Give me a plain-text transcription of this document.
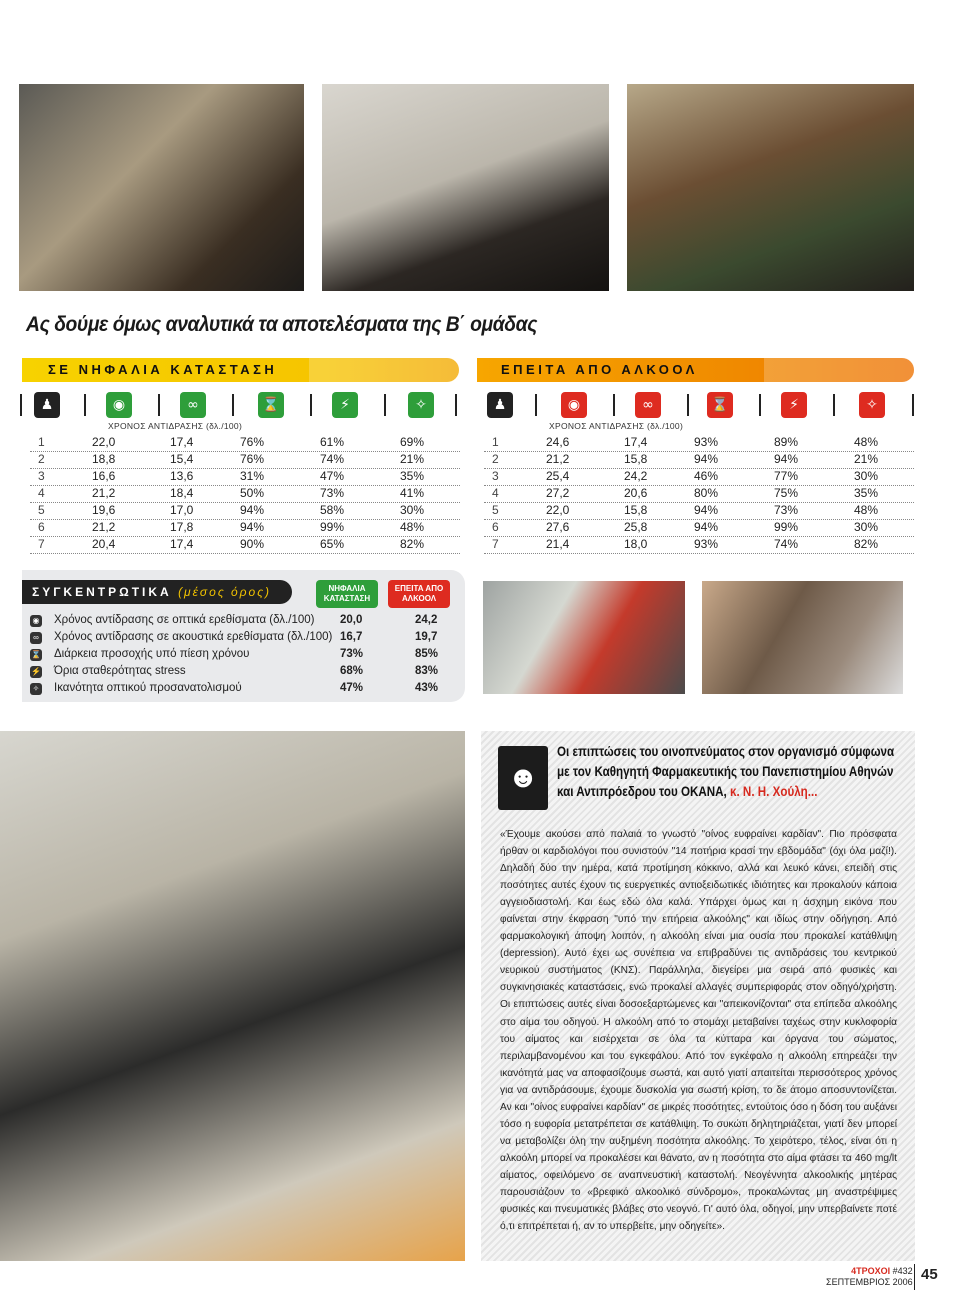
Ας δούμε όμως αναλυτικά τα αποτελέσματα της Β΄ ομάδας
ΣΕ ΝΗΦΑΛΙΑ ΚΑΤΑΣΤΑΣΗ	ΕΠΕΙΤΑ ΑΠΟ ΑΛΚΟΟΛ
♟	◉	∞	⌛	⚡	✧	♟	◉	∞	⌛	⚡	✧
ΧΡΟΝΟΣ ΑΝΤΙΔΡΑΣΗΣ (δλ./100)	ΧΡΟΝΟΣ ΑΝΤΙΔΡΑΣΗΣ (δλ./100)
1	22,0	17,4	76%	61%	69%
2	18,8	15,4	76%	74%	21%
3	16,6	13,6	31%	47%	35%
4	21,2	18,4	50%	73%	41%
5	19,6	17,0	94%	58%	30%
6	21,2	17,8	94%	99%	48%
7	20,4	17,4	90%	65%	82%
1	24,6	17,4	93%	89%	48%
2	21,2	15,8	94%	94%	21%
3	25,4	24,2	46%	77%	30%
4	27,2	20,6	80%	75%	35%
5	22,0	15,8	94%	73%	48%
6	27,6	25,8	94%	99%	30%
7	21,4	18,0	93%	74%	82%
ΣΥΓΚΕΝΤΡΩΤΙΚΑ (μέσος όρος)	ΝΗΦΑΛΙΑ ΚΑΤΑΣΤΑΣΗ
ΕΠΕΙΤΑ ΑΠΟ ΑΛΚΟΟΛ
◉ Χρόνος αντίδρασης σε οπτικά ερεθίσματα (δλ./100) 20,0	24,2
∞ Χρόνος αντίδρασης σε ακουστικά ερεθίσματα (δλ./100) 16,7	19,7
⌛ Διάρκεια προσοχής υπό πίεση χρόνου	73%	85%
⚡ Όρια σταθερότητας stress	68%	83%
✧ Ικανότητα οπτικού προσανατολισμού	47%	43%
☻
Οι επιπτώσεις του οινοπνεύματος στον οργανισμό σύμφωνα με τον Καθηγητή Φαρμακευτικής του Πανεπιστημίου Αθηνών και Αντιπρόεδρου του ΟΚΑΝΑ, κ. Ν. Η. Χούλη...
«Έχουμε ακούσει από παλαιά το γνωστό "οίνος ευφραίνει καρδίαν". Πιο πρόσφατα ήρθαν οι καρδιολόγοι που συνιστούν "14 ποτήρια κρασί την εβδομάδα" (όχι όλα μαζί!). Δηλαδή δύο την ημέρα, κατά προτίμηση κόκκινο, αλλά και λευκό κάνει, επειδή στις ποσότητες αυτές έχουν τις ευεργετικές αντιοξειδωτικές ιδιότητες και προκαλούν κάποια αγγειοδιαστολή. Και έως εδώ όλα καλά. Υπάρχει όμως και η άσχημη εικόνα που φαίνεται στην έκφραση "υπό την επήρεια αλκοόλης" και ιδίως στην οδήγηση. Από φαρμακολογική άποψη λοιπόν, η αλκοόλη είναι μια ουσία που προκαλεί κατάθλιψη (depression). Αυτό έχει ως συνέπεια να επιβραδύνει τις αντιδράσεις του κεντρικού νευρικού συστήματος (ΚΝΣ). Παράλληλα, διεγείρει μια σειρά από φυσικές και συγκινησιακές καταστάσεις, ενώ προκαλεί αλλαγές συμπεριφοράς στον οδηγό/χρήστη. Οι επιπτώσεις αυτές είναι δοσοεξαρτώμενες και "απεικονίζονται" στα επίπεδα αλκοόλης στο αίμα του οδηγού. Η αλκοόλη από το στομάχι μεταβαίνει ταχέως στην κυκλοφορία του αίματος και εισέρχεται σε όλα τα κύτταρα και όργανα του σώματος, περιλαμβανομένου και του εγκεφάλου. Από τον εγκέφαλο η αλκοόλη επηρεάζει την ικανότητά μας να αποφασίζουμε σωστά, και αυτό γιατί απαιτείται περισσότερος χρόνος για να αντιδράσουμε, έχουμε δυσκολία για σωστή κρίση, το δε άτομο αποσυντονίζεται. Αν και "οίνος ευφραίνει καρδίαν" σε μικρές ποσότητες, εντούτοις όσο η δόση του αυξάνει τόσο η ευφορία μετατρέπεται σε κατάθλιψη. Το συκώτι δηλητηριάζεται, γιατί δεν μπορεί να μεταβολίζει όλη την αυξημένη ποσότητα αλκοόλης. Το χειρότερο, τέλος, είναι ότι η αλκοόλη μπορεί να προκαλέσει και θάνατο, αν η ποσότητα στο αίμα φτάσει τα 460 mg/lt αίματος, οφειλόμενο σε αναπνευστική καταστολή. Νεογέννητα αλκοολικής μητέρας παρουσιάζουν το «βρεφικό αλκοολικό σύνδρομο», προκαλώντας μη αναστρέψιμες φυσικές και πνευματικές βλάβες στο νεογνό. Γι' αυτό όλα, οδηγοί, μην υπερβαίνετε ποτέ ό,τι επιτρέπεται ή, αν το υπερβείτε, μην οδηγείτε».
4ΤΡΟΧΟΙ #432
ΣΕΠΤΕΜΒΡΙΟΣ 2006 45
